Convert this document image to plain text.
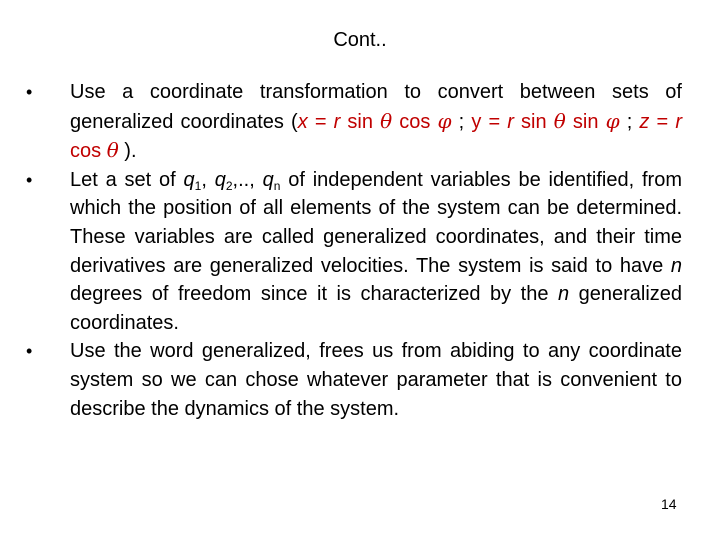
Cont..
• Use a coordinate transformation to convert between sets of generalized coordinates (x = r sin θ cos φ ; y = r sin θ sin φ ; z = r cos θ ).
• Let a set of $q_1$, $q_2$,.., $q_n$ of independent variables be identified, from which the position of all elements of the system can be determined. These variables are called generalized coordinates, and their time derivatives are generalized velocities. The system is said to have n degrees of freedom since it is characterized by the n generalized coordinates.
• Use the word generalized, frees us from abiding to any coordinate system so we can chose whatever parameter that is convenient to describe the dynamics of the system.
14
